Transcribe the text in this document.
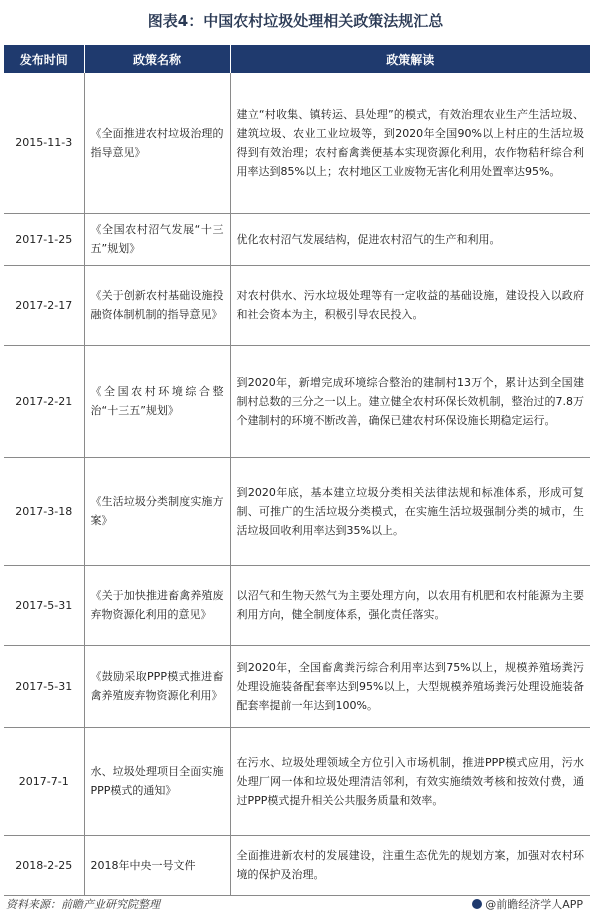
图表4：中国农村垃圾处理相关政策法规汇总
发布时间	政策名称	政策解读
2015-11-3	《全面推进农村垃圾治理的指导意见》	建立“村收集、镇转运、县处理”的模式，有效治理农业生产生活垃圾、建筑垃圾、农业工业垃圾等，到2020年全国90%以上村庄的生活垃圾得到有效治理；农村畜禽粪便基本实现资源化利用，农作物秸秆综合利用率达到85%以上；农村地区工业废物无害化利用处置率达95%。
2017-1-25	《全国农村沼气发展“十三五”规划》	优化农村沼气发展结构，促进农村沼气的生产和利用。
2017-2-17	《关于创新农村基础设施投融资体制机制的指导意见》	对农村供水、污水垃圾处理等有一定收益的基础设施，建设投入以政府和社会资本为主，积极引导农民投入。
2017-2-21	《全国农村环境综合整治“十三五”规划》	到2020年，新增完成环境综合整治的建制村13万个，累计达到全国建制村总数的三分之一以上。建立健全农村环保长效机制，整治过的7.8万个建制村的环境不断改善，确保已建农村环保设施长期稳定运行。
2017-3-18	《生活垃圾分类制度实施方案》	到2020年底，基本建立垃圾分类相关法律法规和标准体系，形成可复制、可推广的生活垃圾分类模式，在实施生活垃圾强制分类的城市，生活垃圾回收利用率达到35%以上。
2017-5-31	《关于加快推进畜禽养殖废弃物资源化利用的意见》	以沼气和生物天然气为主要处理方向，以农用有机肥和农村能源为主要利用方向，健全制度体系，强化责任落实。
2017-5-31	《鼓励采取PPP模式推进畜禽养殖废弃物资源化利用》	到2020年，全国畜禽粪污综合利用率达到75%以上，规模养殖场粪污处理设施装备配套率达到95%以上，大型规模养殖场粪污处理设施装备配套率提前一年达到100%。
2017-7-1	水、垃圾处理项目全面实施PPP模式的通知》	在污水、垃圾处理领域全方位引入市场机制，推进PPP模式应用，污水处理厂网一体和垃圾处理清洁邻利，有效实施绩效考核和按效付费，通过PPP模式提升相关公共服务质量和效率。
2018-2-25	2018年中央一号文件	全面推进新农村的发展建设，注重生态优先的规划方案，加强对农村环境的保护及治理。
资料来源：前瞻产业研究院整理	@前瞻经济学人APP
